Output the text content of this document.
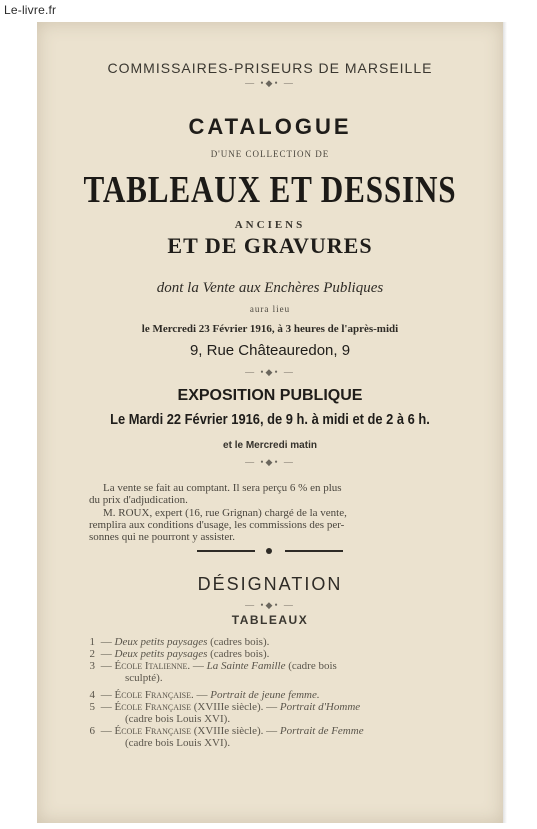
Le-livre.fr
COMMISSAIRES-PRISEURS DE MARSEILLE
— •◆• —
CATALOGUE
D'UNE COLLECTION DE
TABLEAUX ET DESSINS
ANCIENS
ET DE GRAVURES
dont la Vente aux Enchères Publiques
aura lieu
le Mercredi 23 Février 1916, à 3 heures de l'après-midi
9, Rue Châteauredon, 9
— •◆• —
EXPOSITION PUBLIQUE
Le Mardi 22 Février 1916, de 9 h. à midi et de 2 à 6 h.
et le Mercredi matin
— •◆• —
La vente se fait au comptant. Il sera perçu 6 % en plus
du prix d'adjudication.
M. ROUX, expert (16, rue Grignan) chargé de la vente,
remplira aux conditions d'usage, les commissions des per-
sonnes qui ne pourront y assister.
DÉSIGNATION
— •◆• —
TABLEAUX
1 — Deux petits paysages (cadres bois).
2 — Deux petits paysages (cadres bois).
3 — École Italienne. — La Sainte Famille (cadre bois
sculpté).
4 — École Française. — Portrait de jeune femme.
5 — École Française (XVIIIe siècle). — Portrait d'Homme
(cadre bois Louis XVI).
6 — École Française (XVIIIe siècle). — Portrait de Femme
(cadre bois Louis XVI).
